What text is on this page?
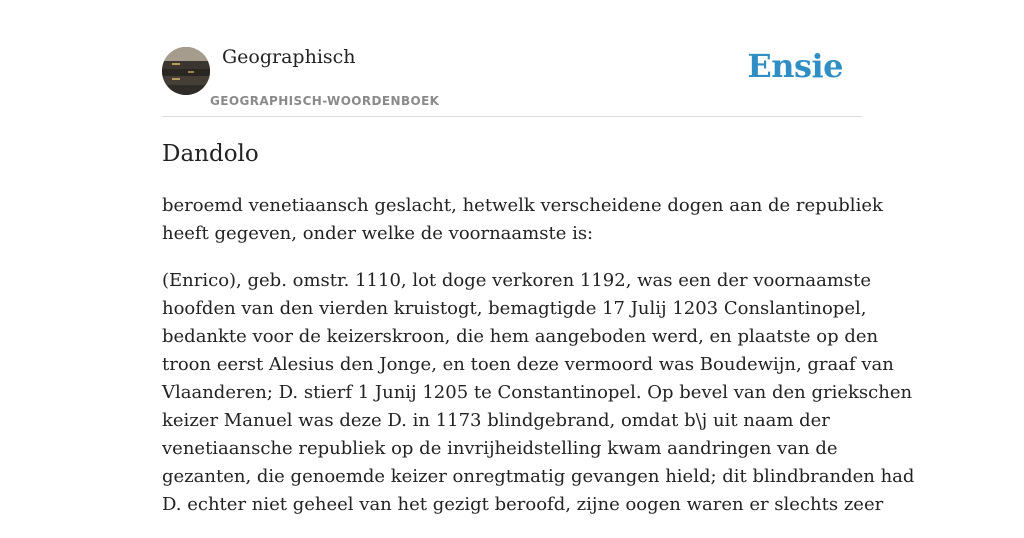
Geographisch
GEOGRAPHISCH-WOORDENBOEK
Ensie
Dandolo

beroemd venetiaansch geslacht, hetwelk verscheidene dogen aan de republiek
heeft gegeven, onder welke de voornaamste is:

(Enrico), geb. omstr. 1110, lot doge verkoren 1192, was een der voornaamste
hoofden van den vierden kruistogt, bemagtigde 17 Julij 1203 Conslantinopel,
bedankte voor de keizerskroon, die hem aangeboden werd, en plaatste op den
troon eerst Alesius den Jonge, en toen deze vermoord was Boudewijn, graaf van
Vlaanderen; D. stierf 1 Junij 1205 te Constantinopel. Op bevel van den griekschen
keizer Manuel was deze D. in 1173 blindgebrand, omdat b\j uit naam der
venetiaansche republiek op de invrijheidstelling kwam aandringen van de
gezanten, die genoemde keizer onregtmatig gevangen hield; dit blindbranden had
D. echter niet geheel van het gezigt beroofd, zijne oogen waren er slechts zeer
